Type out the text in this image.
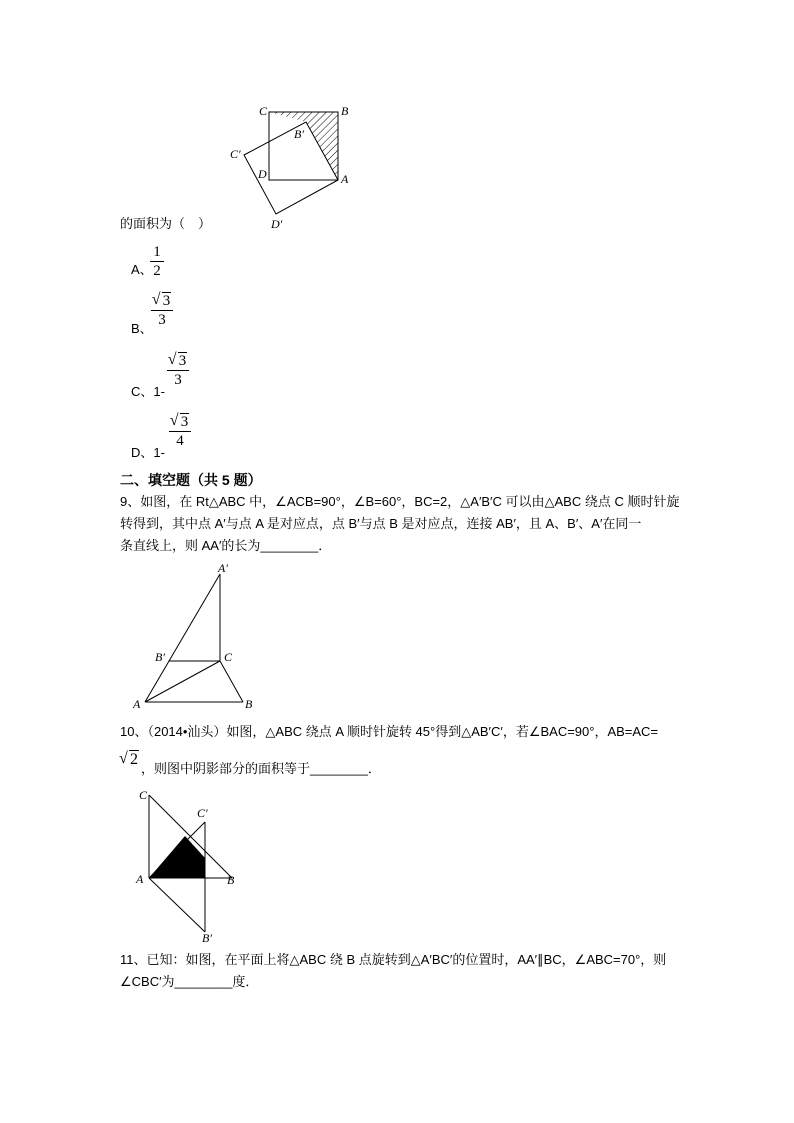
C	B
B′
C′
D	A
D′
的面积为（　）
A、
1
2
B、
√ 3
3
C、1-
√ 3
3
D、1-
√ 3
4
二、填空题（共 5 题）
9、如图，在 Rt△ABC 中，∠ACB=90°，∠B=60°，BC=2，△A′B′C 可以由△ABC 绕点 C 顺时针旋
转得到，其中点 A′与点 A 是对应点，点 B′与点 B 是对应点，连接 AB′，且 A、B′、A′在同一
条直线上，则 AA′的长为________．
A′
B′	C
A	B
10、（2014•汕头）如图，△ABC 绕点 A 顺时针旋转 45°得到△AB′C′，若∠BAC=90°，AB=AC=
√ 2
，则图中阴影部分的面积等于________．
C
C′
A	B
B′
11、已知：如图，在平面上将△ABC 绕 B 点旋转到△A′BC′的位置时，AA′∥BC，∠ABC=70°，则
∠CBC′为________度．
